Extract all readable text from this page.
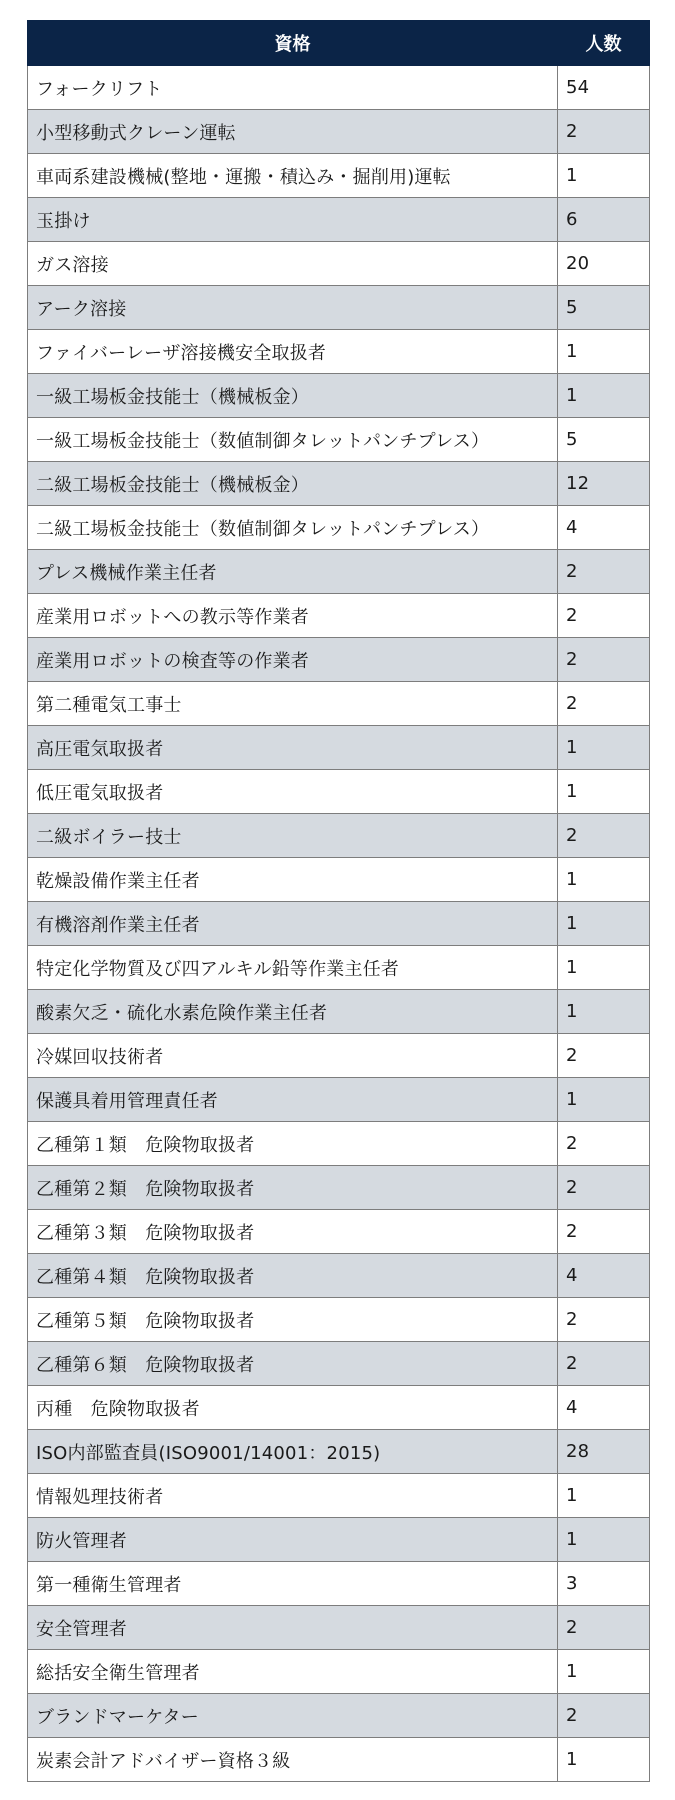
資格	人数
フォークリフト	54
小型移動式クレーン運転	2
車両系建設機械(整地・運搬・積込み・掘削用)運転	1
玉掛け	6
ガス溶接	20
アーク溶接	5
ファイバーレーザ溶接機安全取扱者	1
一級工場板金技能士（機械板金）	1
一級工場板金技能士（数値制御タレットパンチプレス）	5
二級工場板金技能士（機械板金）	12
二級工場板金技能士（数値制御タレットパンチプレス）	4
プレス機械作業主任者	2
産業用ロボットへの教示等作業者	2
産業用ロボットの検査等の作業者	2
第二種電気工事士	2
高圧電気取扱者	1
低圧電気取扱者	1
二級ボイラー技士	2
乾燥設備作業主任者	1
有機溶剤作業主任者	1
特定化学物質及び四アルキル鉛等作業主任者	1
酸素欠乏・硫化水素危険作業主任者	1
冷媒回収技術者	2
保護具着用管理責任者	1
乙種第１類　危険物取扱者	2
乙種第２類　危険物取扱者	2
乙種第３類　危険物取扱者	2
乙種第４類　危険物取扱者	4
乙種第５類　危険物取扱者	2
乙種第６類　危険物取扱者	2
丙種　危険物取扱者	4
ISO内部監査員(ISO9001/14001：2015)	28
情報処理技術者	1
防火管理者	1
第一種衛生管理者	3
安全管理者	2
総括安全衛生管理者	1
ブランドマーケター	2
炭素会計アドバイザー資格３級	1
